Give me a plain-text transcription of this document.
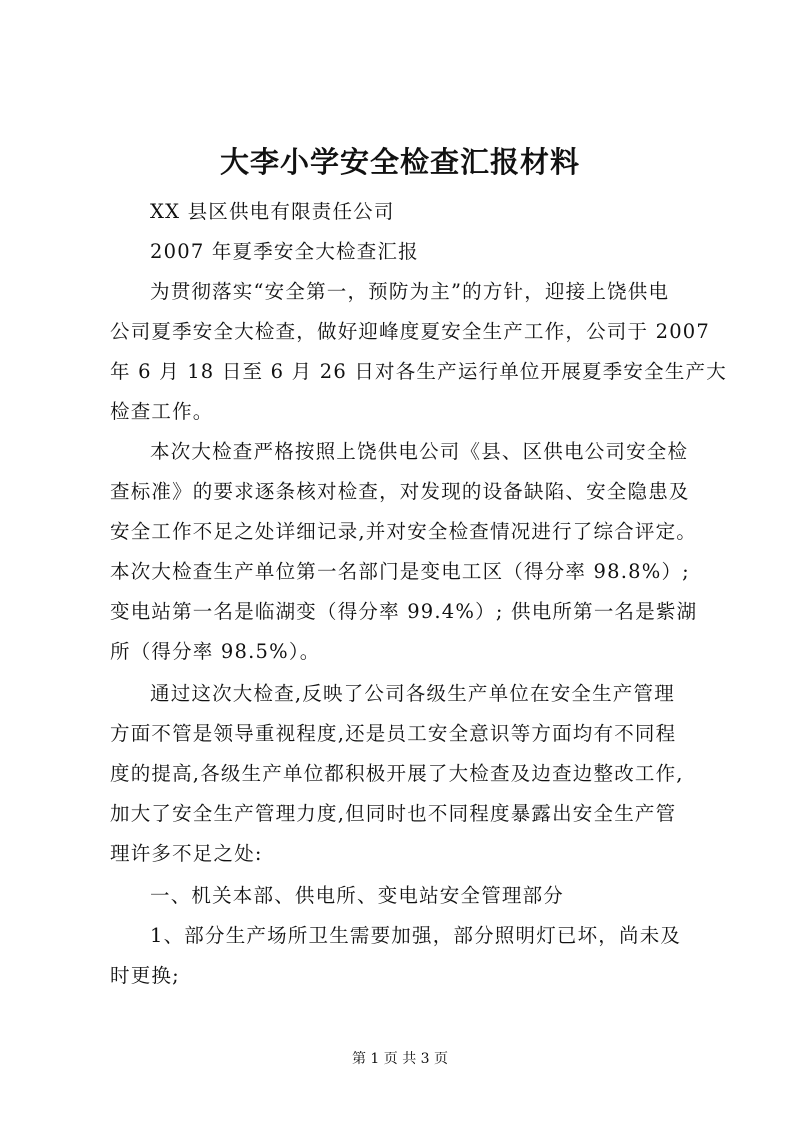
大李小学安全检查汇报材料
XX 县区供电有限责任公司
2007 年夏季安全大检查汇报
为贯彻落实“安全第一，预防为主”的方针，迎接上饶供电
公司夏季安全大检查，做好迎峰度夏安全生产工作，公司于 2007
年 6 月 18 日至 6 月 26 日对各生产运行单位开展夏季安全生产大
检查工作。
本次大检查严格按照上饶供电公司《县、区供电公司安全检
查标准》的要求逐条核对检查，对发现的设备缺陷、安全隐患及
安全工作不足之处详细记录,并对安全检查情况进行了综合评定。
本次大检查生产单位第一名部门是变电工区（得分率 98.8%）;
变电站第一名是临湖变（得分率 99.4%）; 供电所第一名是紫湖
所（得分率 98.5%）。
通过这次大检查,反映了公司各级生产单位在安全生产管理
方面不管是领导重视程度,还是员工安全意识等方面均有不同程
度的提高,各级生产单位都积极开展了大检查及边查边整改工作,
加大了安全生产管理力度,但同时也不同程度暴露出安全生产管
理许多不足之处:
一、机关本部、供电所、变电站安全管理部分
1、部分生产场所卫生需要加强，部分照明灯已坏，尚未及
时更换;
第 1 页 共 3 页
